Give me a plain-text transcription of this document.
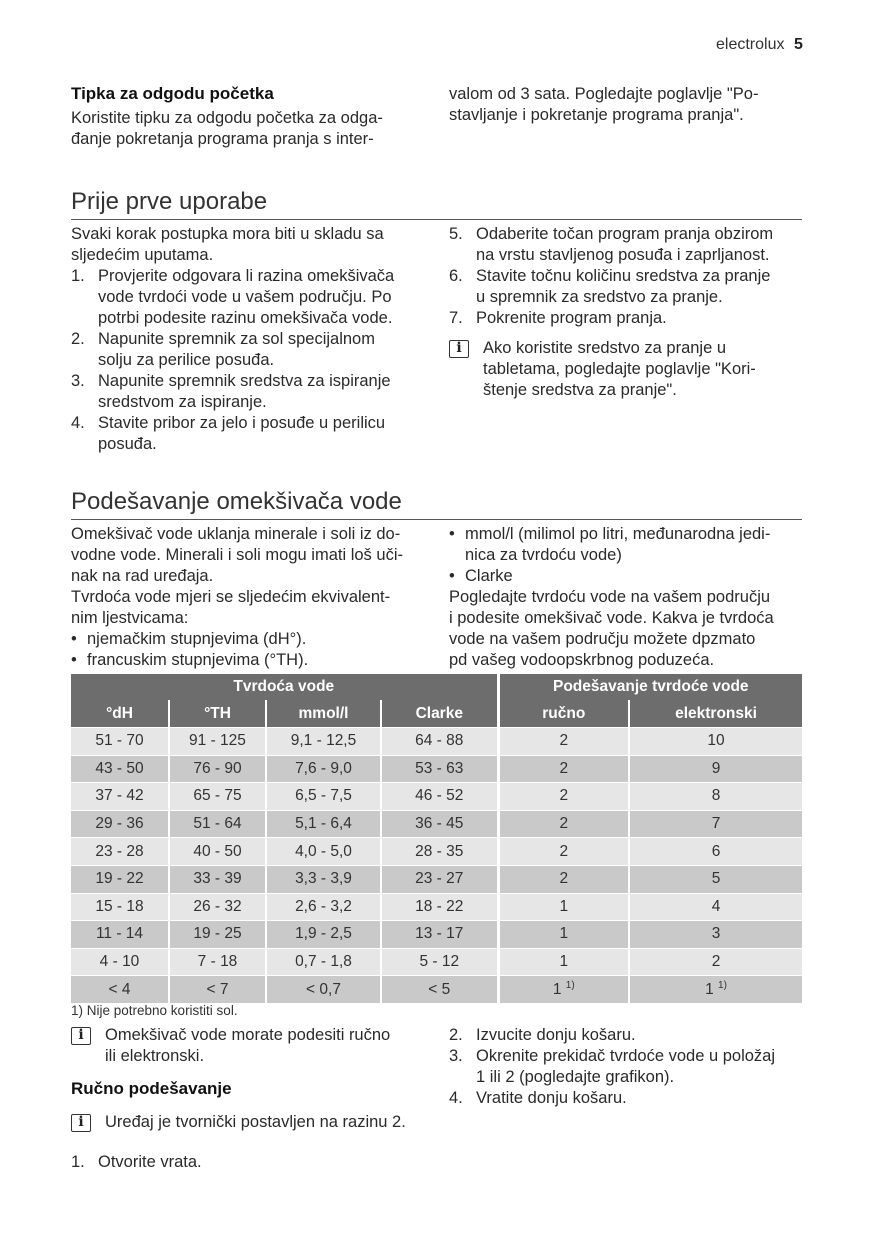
electrolux 5
Tipka za odgodu početka
Koristite tipku za odgodu početka za odga-
đanje pokretanja programa pranja s inter-
valom od 3 sata. Pogledajte poglavlje "Po-
stavljanje i pokretanje programa pranja".
Prije prve uporabe
Svaki korak postupka mora biti u skladu sa
sljedećim uputama.
1. Provjerite odgovara li razina omekšivača
vode tvrdoći vode u vašem području. Po
potrbi podesite razinu omekšivača vode.
2. Napunite spremnik za sol specijalnom
solju za perilice posuđa.
3. Napunite spremnik sredstva za ispiranje
sredstvom za ispiranje.
4. Stavite pribor za jelo i posuđe u perilicu
posuđa.
5. Odaberite točan program pranja obzirom
na vrstu stavljenog posuđa i zaprljanost.
6. Stavite točnu količinu sredstva za pranje
u spremnik za sredstvo za pranje.
7. Pokrenite program pranja.
i	Ako koristite sredstvo za pranje u
tabletama, pogledajte poglavlje "Kori-
štenje sredstva za pranje".
Podešavanje omekšivača vode
Omekšivač vode uklanja minerale i soli iz do-
vodne vode. Minerali i soli mogu imati loš uči-
nak na rad uređaja.
Tvrdoća vode mjeri se sljedećim ekvivalent-
nim ljestvicama:
• njemačkim stupnjevima (dH°).
• francuskim stupnjevima (°TH).
• mmol/l (milimol po litri, međunarodna jedi-
nica za tvrdoću vode)
• Clarke
Pogledajte tvrdoću vode na vašem području
i podesite omekšivač vode. Kakva je tvrdoća
vode na vašem području možete dpzmato
pd vašeg vodoopskrbnog poduzeća.
Tvrdoća vode				Podešavanje tvrdoće vode	
°dH	°TH	mmol/l	Clarke	ručno	elektronski
51 - 70	91 - 125	9,1 - 12,5	64 - 88	2	10
43 - 50	76 - 90	7,6 - 9,0	53 - 63	2	9
37 - 42	65 - 75	6,5 - 7,5	46 - 52	2	8
29 - 36	51 - 64	5,1 - 6,4	36 - 45	2	7
23 - 28	40 - 50	4,0 - 5,0	28 - 35	2	6
19 - 22	33 - 39	3,3 - 3,9	23 - 27	2	5
15 - 18	26 - 32	2,6 - 3,2	18 - 22	1	4
11 - 14	19 - 25	1,9 - 2,5	13 - 17	1	3
4 - 10	7 - 18	0,7 - 1,8	5 - 12	1	2
< 4	< 7	< 0,7	< 5	1 $^{1)}$	1 $^{1)}$
1) Nije potrebno koristiti sol.
i	Omekšivač vode morate podesiti ručno
ili elektronski.
Ručno podešavanje
i	Uređaj je tvornički postavljen na razinu 2.
1. Otvorite vrata.
2. Izvucite donju košaru.
3. Okrenite prekidač tvrdoće vode u položaj
1 ili 2 (pogledajte grafikon).
4. Vratite donju košaru.
